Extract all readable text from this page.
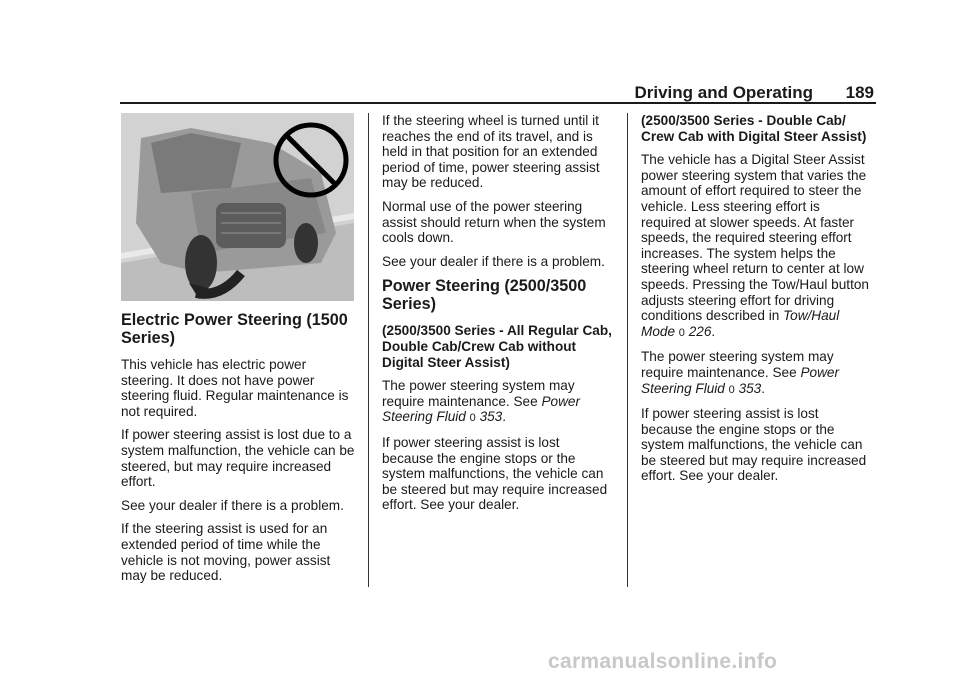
Driving and Operating 189
Electric Power Steering (1500 Series)

This vehicle has electric power steering. It does not have power steering fluid. Regular maintenance is not required.

If power steering assist is lost due to a system malfunction, the vehicle can be steered, but may require increased effort.

See your dealer if there is a problem.

If the steering assist is used for an extended period of time while the vehicle is not moving, power assist may be reduced.

If the steering wheel is turned until it reaches the end of its travel, and is held in that position for an extended period of time, power steering assist may be reduced.

Normal use of the power steering assist should return when the system cools down.

See your dealer if there is a problem.

Power Steering (2500/3500 Series)
(2500/3500 Series - All Regular Cab, Double Cab/Crew Cab without Digital Steer Assist)

The power steering system may require maintenance. See Power Steering Fluid 0 353.

If power steering assist is lost because the engine stops or the system malfunctions, the vehicle can be steered but may require increased effort. See your dealer.

(2500/3500 Series - Double Cab/ Crew Cab with Digital Steer Assist)

The vehicle has a Digital Steer Assist power steering system that varies the amount of effort required to steer the vehicle. Less steering effort is required at slower speeds. At faster speeds, the required steering effort increases. The system helps the steering wheel return to center at low speeds. Pressing the Tow/Haul button adjusts steering effort for driving conditions described in Tow/Haul Mode 0 226.

The power steering system may require maintenance. See Power Steering Fluid 0 353.

If power steering assist is lost because the engine stops or the system malfunctions, the vehicle can be steered but may require increased effort. See your dealer.

carmanualsonline.info
